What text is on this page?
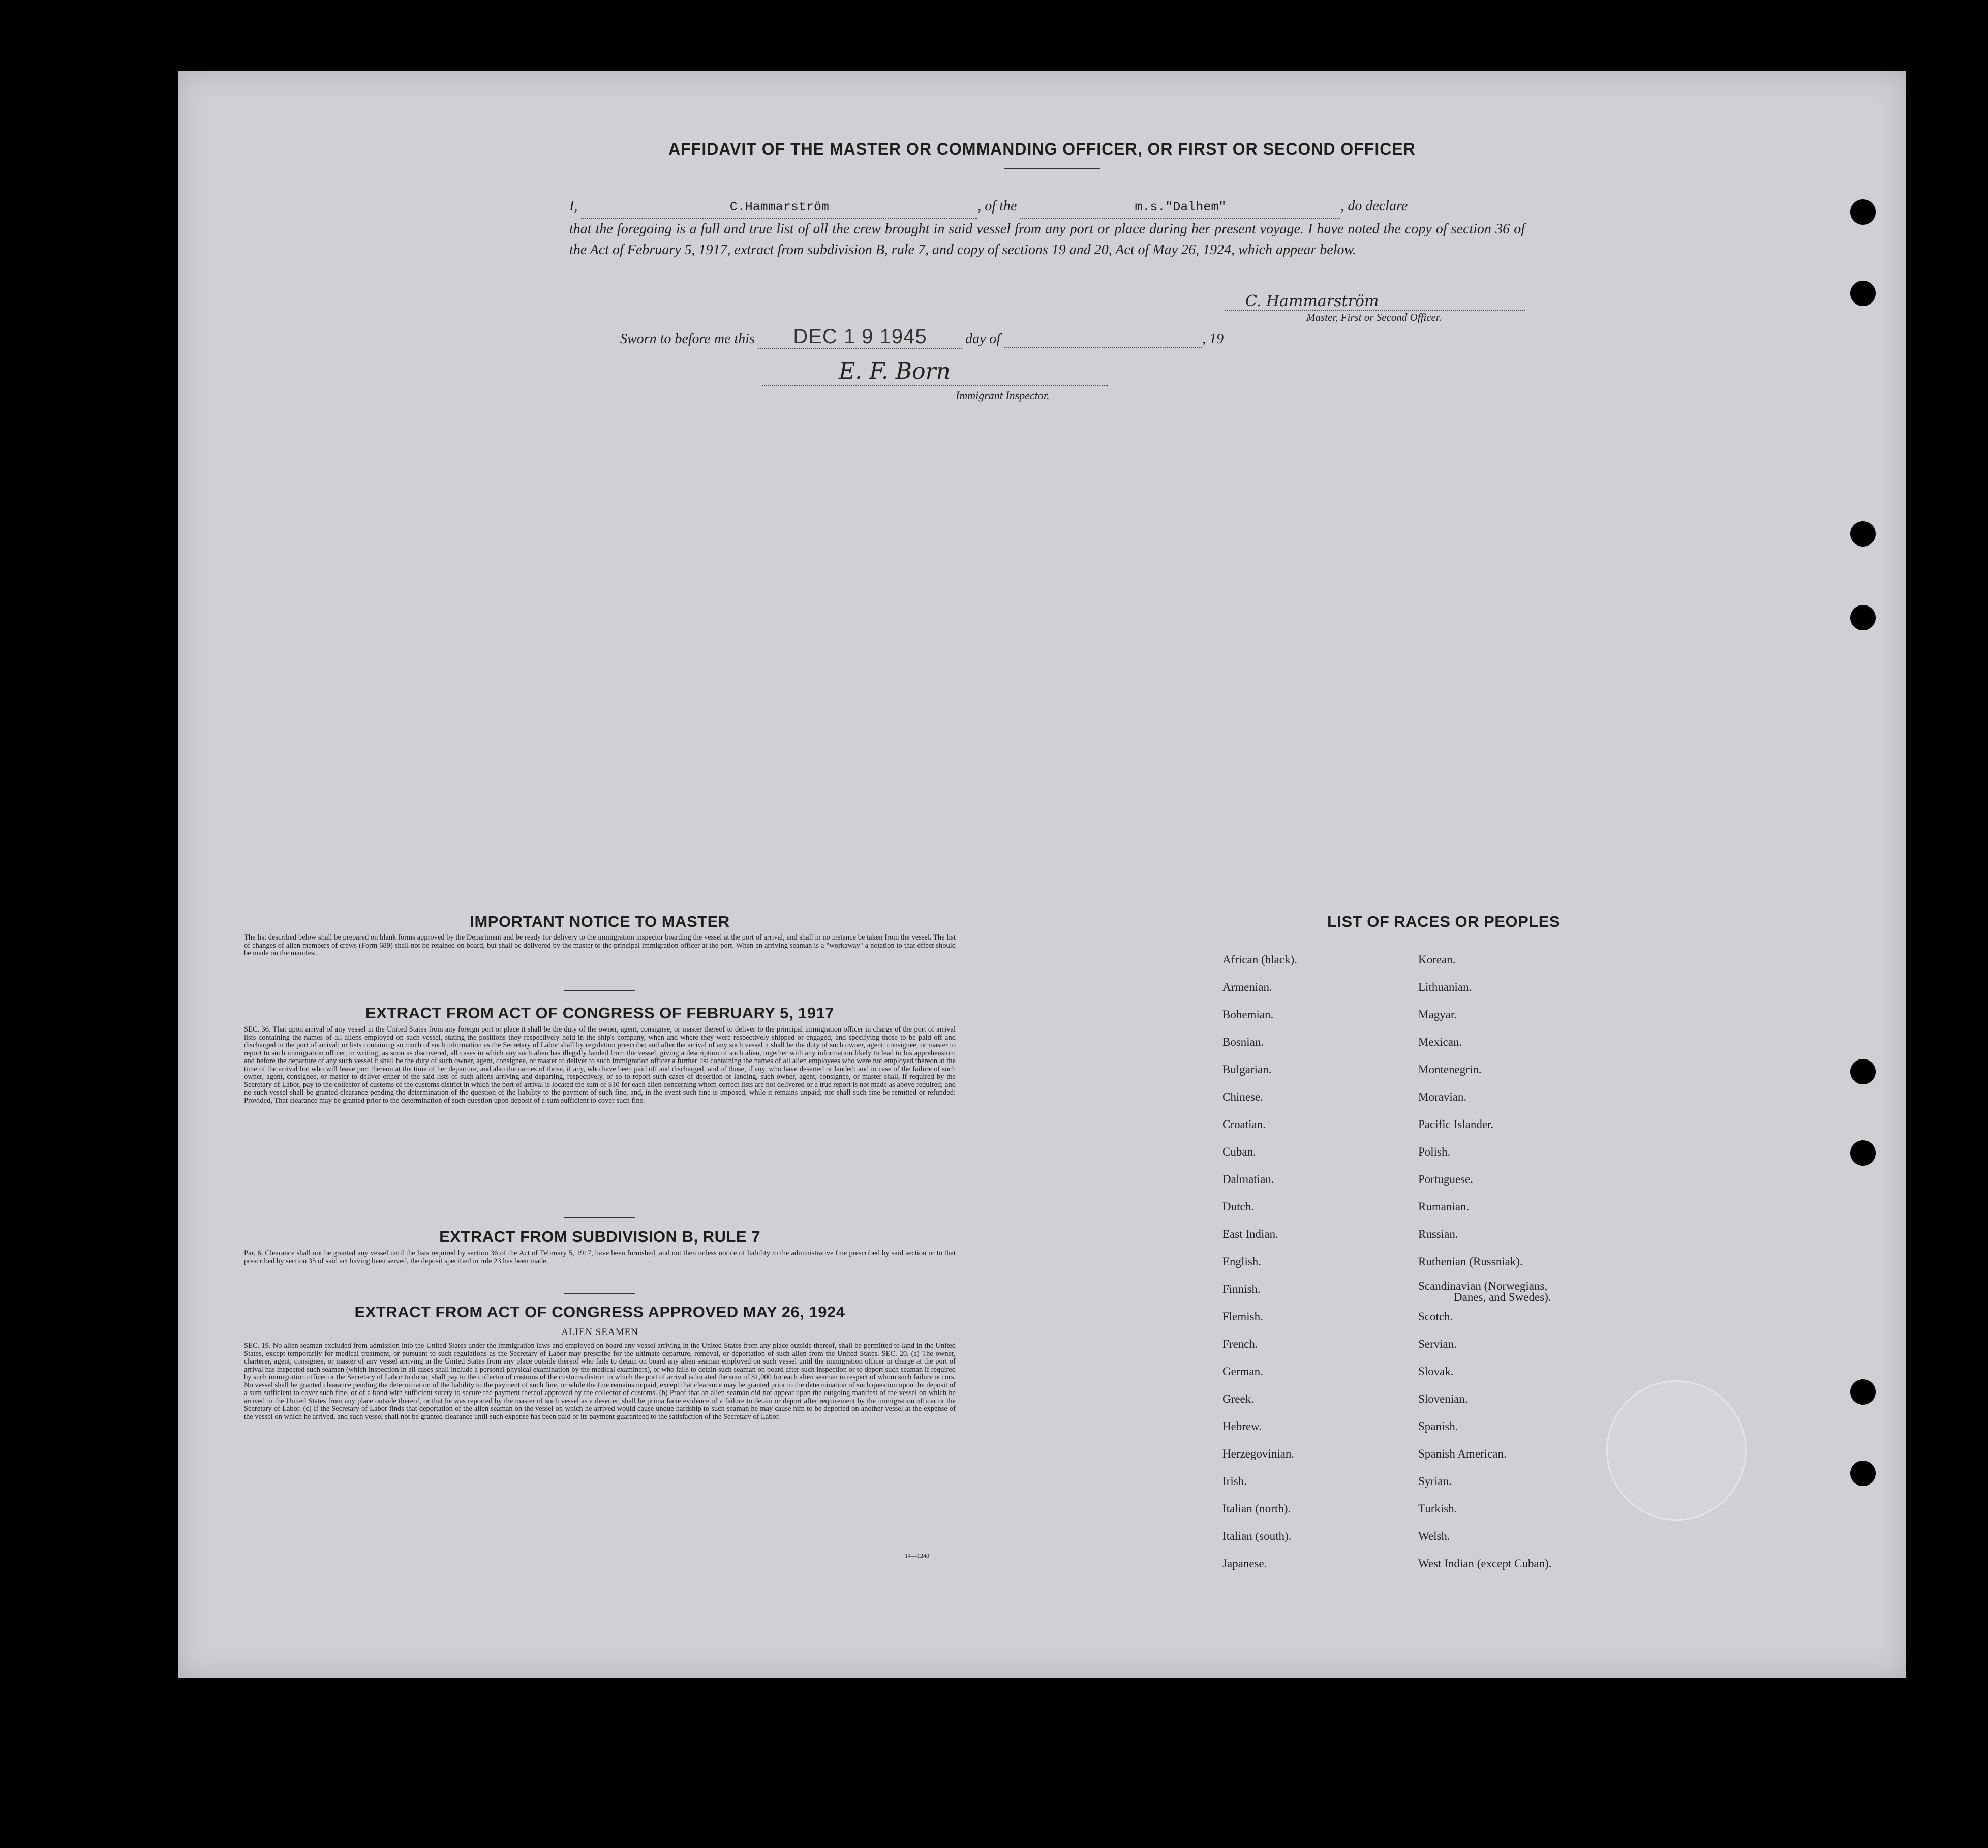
AFFIDAVIT OF THE MASTER OR COMMANDING OFFICER, OR FIRST OR SECOND OFFICER
I,	C.Hammarström	, of the	m.s."Dalhem"	, do declare
that the foregoing is a full and true list of all the crew brought in said vessel from any port or place during her present voyage. I have noted the copy of section 36 of the Act of February 5, 1917, extract from subdivision B, rule 7, and copy of sections 19 and 20, Act of May 26, 1924, which appear below.
C. Hammarström
Master, First or Second Officer.
Sworn to before me this DEC 1 9 1945	day of	, 19
E. F. Born
Immigrant Inspector.
IMPORTANT NOTICE TO MASTER
The list described below shall be prepared on blank forms approved by the Department and be ready for delivery to the immigration inspector boarding the vessel at the port of arrival, and shall in no instance be taken from the vessel. The list of changes of alien members of crews (Form 689) shall not be retained on board, but shall be delivered by the master to the principal immigration officer at the port. When an arriving seaman is a "workaway" a notation to that effect should be made on the manifest.
EXTRACT FROM ACT OF CONGRESS OF FEBRUARY 5, 1917
SEC. 36. That upon arrival of any vessel in the United States from any foreign port or place it shall be the duty of the owner, agent, consignee, or master thereof to deliver to the principal immigration officer in charge of the port of arrival lists containing the names of all aliens employed on such vessel, stating the positions they respectively hold in the ship's company, when and where they were respectively shipped or engaged, and specifying those to be paid off and discharged in the port of arrival; or lists containing so much of such information as the Secretary of Labor shall by regulation prescribe; and after the arrival of any such vessel it shall be the duty of such owner, agent, consignee, or master to report to such immigration officer, in writing, as soon as discovered, all cases in which any such alien has illegally landed from the vessel, giving a description of such alien, together with any information likely to lead to his apprehension; and before the departure of any such vessel it shall be the duty of such owner, agent, consignee, or master to deliver to such immigration officer a further list containing the names of all alien employees who were not employed thereon at the time of the arrival but who will leave port thereon at the time of her departure, and also the names of those, if any, who have been paid off and discharged, and of those, if any, who have deserted or landed; and in case of the failure of such owner, agent, consignee, or master to deliver either of the said lists of such aliens arriving and departing, respectively, or so to report such cases of desertion or landing, such owner, agent, consignee, or master shall, if required by the Secretary of Labor, pay to the collector of customs of the customs district in which the port of arrival is located the sum of $10 for each alien concerning whom correct lists are not delivered or a true report is not made as above required; and no such vessel shall be granted clearance pending the determination of the question of the liability to the payment of such fine, and, in the event such fine is imposed, while it remains unpaid; nor shall such fine be remitted or refunded: Provided, That clearance may be granted prior to the determination of such question upon deposit of a sum sufficient to cover such fine.
EXTRACT FROM SUBDIVISION B, RULE 7
Par. 6. Clearance shall not be granted any vessel until the lists required by section 36 of the Act of February 5, 1917, have been furnished, and not then unless notice of liability to the administrative fine prescribed by said section or to that prescribed by section 35 of said act having been served, the deposit specified in rule 23 has been made.
EXTRACT FROM ACT OF CONGRESS APPROVED MAY 26, 1924
ALIEN SEAMEN
SEC. 19. No alien seaman excluded from admission into the United States under the immigration laws and employed on board any vessel arriving in the United States from any place outside thereof, shall be permitted to land in the United States, except temporarily for medical treatment, or pursuant to such regulations as the Secretary of Labor may prescribe for the ultimate departure, removal, or deportation of such alien from the United States. SEC. 20. (a) The owner, charterer, agent, consignee, or master of any vessel arriving in the United States from any place outside thereof who fails to detain on board any alien seaman employed on such vessel until the immigration officer in charge at the port of arrival has inspected such seaman (which inspection in all cases shall include a personal physical examination by the medical examiners), or who fails to detain such seaman on board after such inspection or to deport such seaman if required by such immigration officer or the Secretary of Labor to do so, shall pay to the collector of customs of the customs district in which the port of arrival is located the sum of $1,000 for each alien seaman in respect of whom such failure occurs. No vessel shall be granted clearance pending the determination of the liability to the payment of such fine, or while the fine remains unpaid, except that clearance may be granted prior to the determination of such question upon the deposit of a sum sufficient to cover such fine, or of a bond with sufficient surety to secure the payment thereof approved by the collector of customs. (b) Proof that an alien seaman did not appear upon the outgoing manifest of the vessel on which he arrived in the United States from any place outside thereof, or that he was reported by the master of such vessel as a deserter, shall be prima facie evidence of a failure to detain or deport after requirement by the immigration officer or the Secretary of Labor. (c) If the Secretary of Labor finds that deportation of the alien seaman on the vessel on which he arrived would cause undue hardship to such seaman he may cause him to be deported on another vessel at the expense of the vessel on which he arrived, and such vessel shall not be granted clearance until such expense has been paid or its payment guaranteed to the satisfaction of the Secretary of Labor.
14—1240
LIST OF RACES OR PEOPLES
African (black).
Armenian.
Bohemian.
Bosnian.
Bulgarian.
Chinese.
Croatian.
Cuban.
Dalmatian.
Dutch.
East Indian.
English.
Finnish.
Flemish.
French.
German.
Greek.
Hebrew.
Herzegovinian.
Irish.
Italian (north).
Italian (south).
Japanese.
Korean.
Lithuanian.
Magyar.
Mexican.
Montenegrin.
Moravian.
Pacific Islander.
Polish.
Portuguese.
Rumanian.
Russian.
Ruthenian (Russniak).
Scandinavian (Norwegians,
Danes, and Swedes).
Scotch.
Servian.
Slovak.
Slovenian.
Spanish.
Spanish American.
Syrian.
Turkish.
Welsh.
West Indian (except Cuban).
